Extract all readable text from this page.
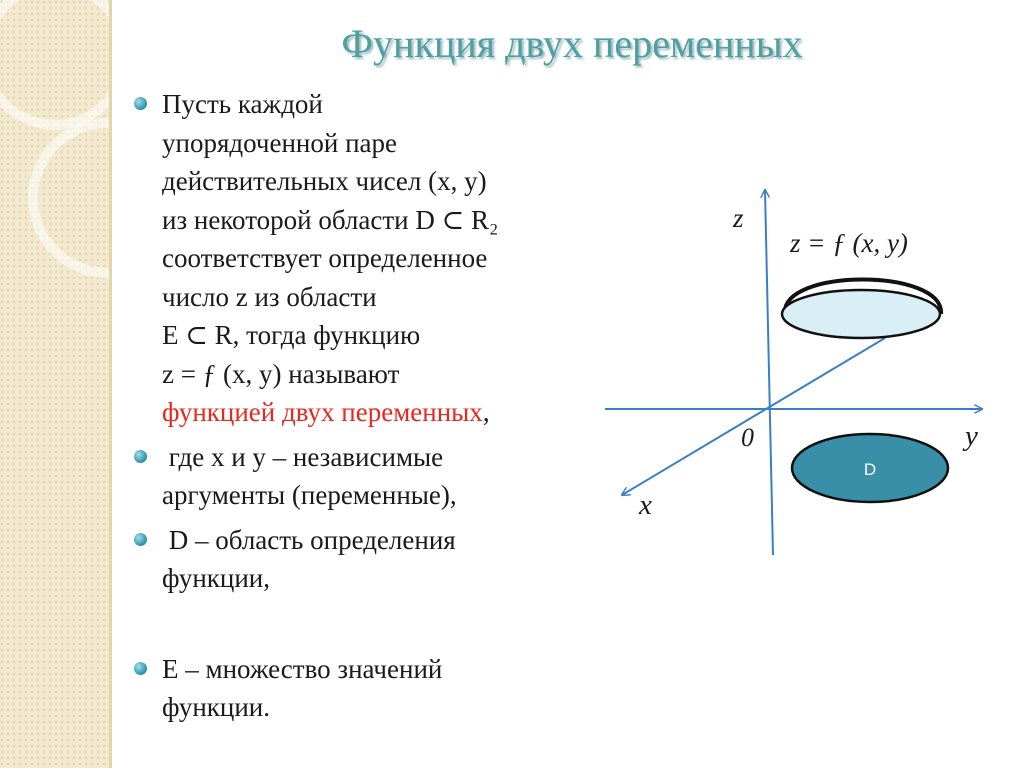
Функция двух переменных
Пусть каждой
упорядоченной паре
действительных чисел (x, y)
из некоторой области D ⊂ R₂
соответствует определенное
число z из области
Е ⊂ R, тогда функцию
z = ƒ (x, y) называют
функцией двух переменных,
где x и y – независимые
аргументы (переменные),
D – область определения
функции,
Е – множество значений
функции.
z
z = ƒ (x, y)
0	y
x
D
